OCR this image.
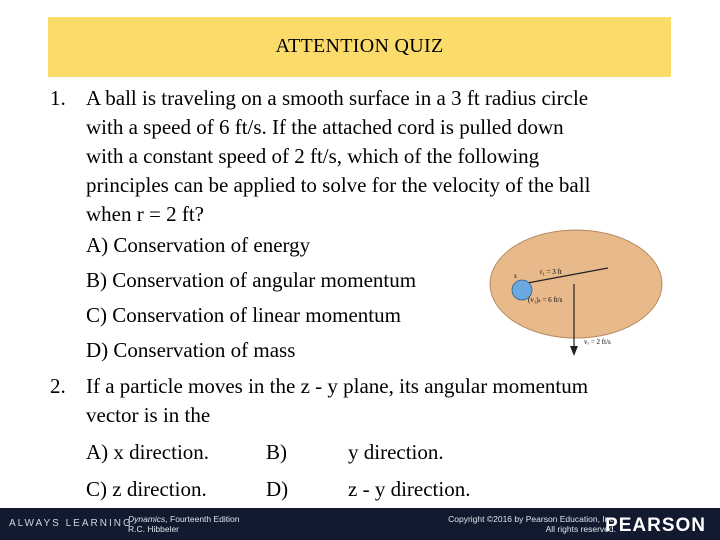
ATTENTION QUIZ
1. A ball is traveling on a smooth surface in a 3 ft radius circle
with a speed of 6 ft/s. If the attached cord is pulled down
with a constant speed of 2 ft/s, which of the following
principles can be applied to solve for the velocity of the ball
when r = 2 ft?
A) Conservation of energy
B) Conservation of angular momentum
C) Conservation of linear momentum
D) Conservation of mass
s	r₁ = 3 ft
(v₁)ₜ = 6 ft/s
vᵣ = 2 ft/s
2. If a particle moves in the z - y plane, its angular momentum
vector is in the
A) x direction.	B)	y direction.
C) z direction.	D)	z - y direction.
ALWAYS LEARNING
Dynamics, Fourteenth Edition
R.C. Hibbeler
Copyright ©2016 by Pearson Education, Inc.
All rights reserved.
PEARSON
